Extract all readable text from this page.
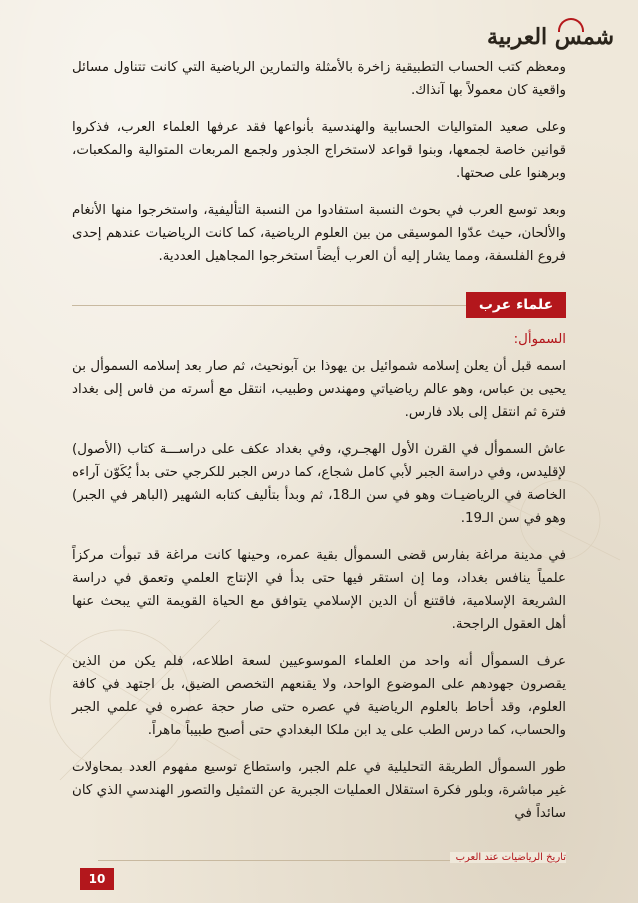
شمس العربية

ومعظم كتب الحساب التطبيقية زاخرة بالأمثلة والتمارين الرياضية التي كانت تتناول مسائل واقعية كان معمولاً بها آنذاك.

وعلى صعيد المتواليات الحسابية والهندسية بأنواعها فقد عرفها العلماء العرب، فذكروا قوانين خاصة لجمعها، وبنوا قواعد لاستخراج الجذور ولجمع المربعات المتوالية والمكعبات، وبرهنوا على صحتها.

وبعد توسع العرب في بحوث النسبة استفادوا من النسبة التأليفية، واستخرجوا منها الأنغام والألحان، حيث عدّوا الموسيقى من بين العلوم الرياضية، كما كانت الرياضيات عندهم إحدى فروع الفلسفة، ومما يشار إليه أن العرب أيضاً استخرجوا المجاهيل العددية.

علماء عرب
السموأل:

اسمه قبل أن يعلن إسلامه شموائيل بن يهوذا بن آبونحيث، ثم صار بعد إسلامه السموأل بن يحيى بن عباس، وهو عالم رياضياتي ومهندس وطبيب، انتقل مع أسرته من فاس إلى بغداد فترة ثم انتقل إلى بلاد فارس.

عاش السموأل في القرن الأول الهجـري، وفي بغداد عكف على دراســـة كتاب (الأصول) لإقليدس، وفي دراسة الجبر لأبي كامل شجاع، كما درس الجبر للكرجي حتى بدأ يُكَوّن آراءه الخاصة في الرياضيـات وهو في سن الـ18، ثم وبدأ بتأليف كتابه الشهير (الباهر في الجبر) وهو في سن الـ19.

في مدينة مراغة بفارس قضى السموأل بقية عمره، وحينها كانت مراغة قد تبوأت مركزاً علمياً ينافس بغداد، وما إن استقر فيها حتى بدأ في الإنتاج العلمي وتعمق في دراسة الشريعة الإسلامية، فاقتنع أن الدين الإسلامي يتوافق مع الحياة القويمة التي يبحث عنها أهل العقول الراجحة.

عرف السموأل أنه واحد من العلماء الموسوعيين لسعة اطلاعه، فلم يكن من الذين يقصرون جهودهم على الموضوع الواحد، ولا يقنعهم التخصص الضيق، بل اجتهد في كافة العلوم، وقد أحاط بالعلوم الرياضية في عصره حتى صار حجة عصره في علمي الجبر والحساب، كما درس الطب على يد ابن ملكا البغدادي حتى أصبح طبيباً ماهراً.

طور السموأل الطريقة التحليلية في علم الجبر، واستطاع توسيع مفهوم العدد بمحاولات غير مباشرة، وبلور فكرة استقلال العمليات الجبرية عن التمثيل والتصور الهندسي الذي كان سائداً في

تاريخ الرياضيات عند العرب
10
